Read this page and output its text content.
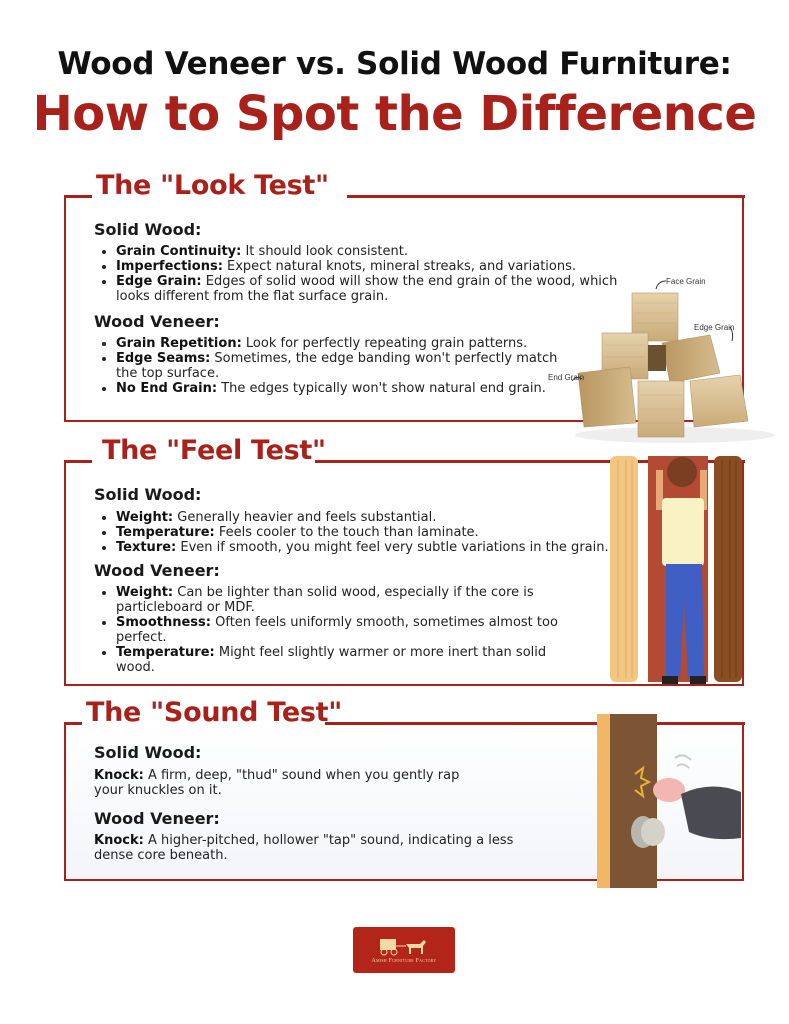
Wood Veneer vs. Solid Wood Furniture:
How to Spot the Difference
The "Look Test"
Solid Wood:
• Grain Continuity: It should look consistent.
• Imperfections: Expect natural knots, mineral streaks, and variations.
• Edge Grain: Edges of solid wood will show the end grain of the wood, which looks different from the flat surface grain.
Wood Veneer:
• Grain Repetition: Look for perfectly repeating grain patterns.
• Edge Seams: Sometimes, the edge banding won't perfectly match the top surface.
• No End Grain: The edges typically won't show natural end grain.
Face Grain
Edge Grain
End Grain
The "Feel Test"
Solid Wood:
• Weight: Generally heavier and feels substantial.
• Temperature: Feels cooler to the touch than laminate.
• Texture: Even if smooth, you might feel very subtle variations in the grain.
Wood Veneer:
• Weight: Can be lighter than solid wood, especially if the core is particleboard or MDF.
• Smoothness: Often feels uniformly smooth, sometimes almost too perfect.
• Temperature: Might feel slightly warmer or more inert than solid wood.
The "Sound Test"
Solid Wood:

Knock: A firm, deep, "thud" sound when you gently rap your knuckles on it.

Wood Veneer:

Knock: A higher-pitched, hollower "tap" sound, indicating a less dense core beneath.

Amish Furniture Factory
